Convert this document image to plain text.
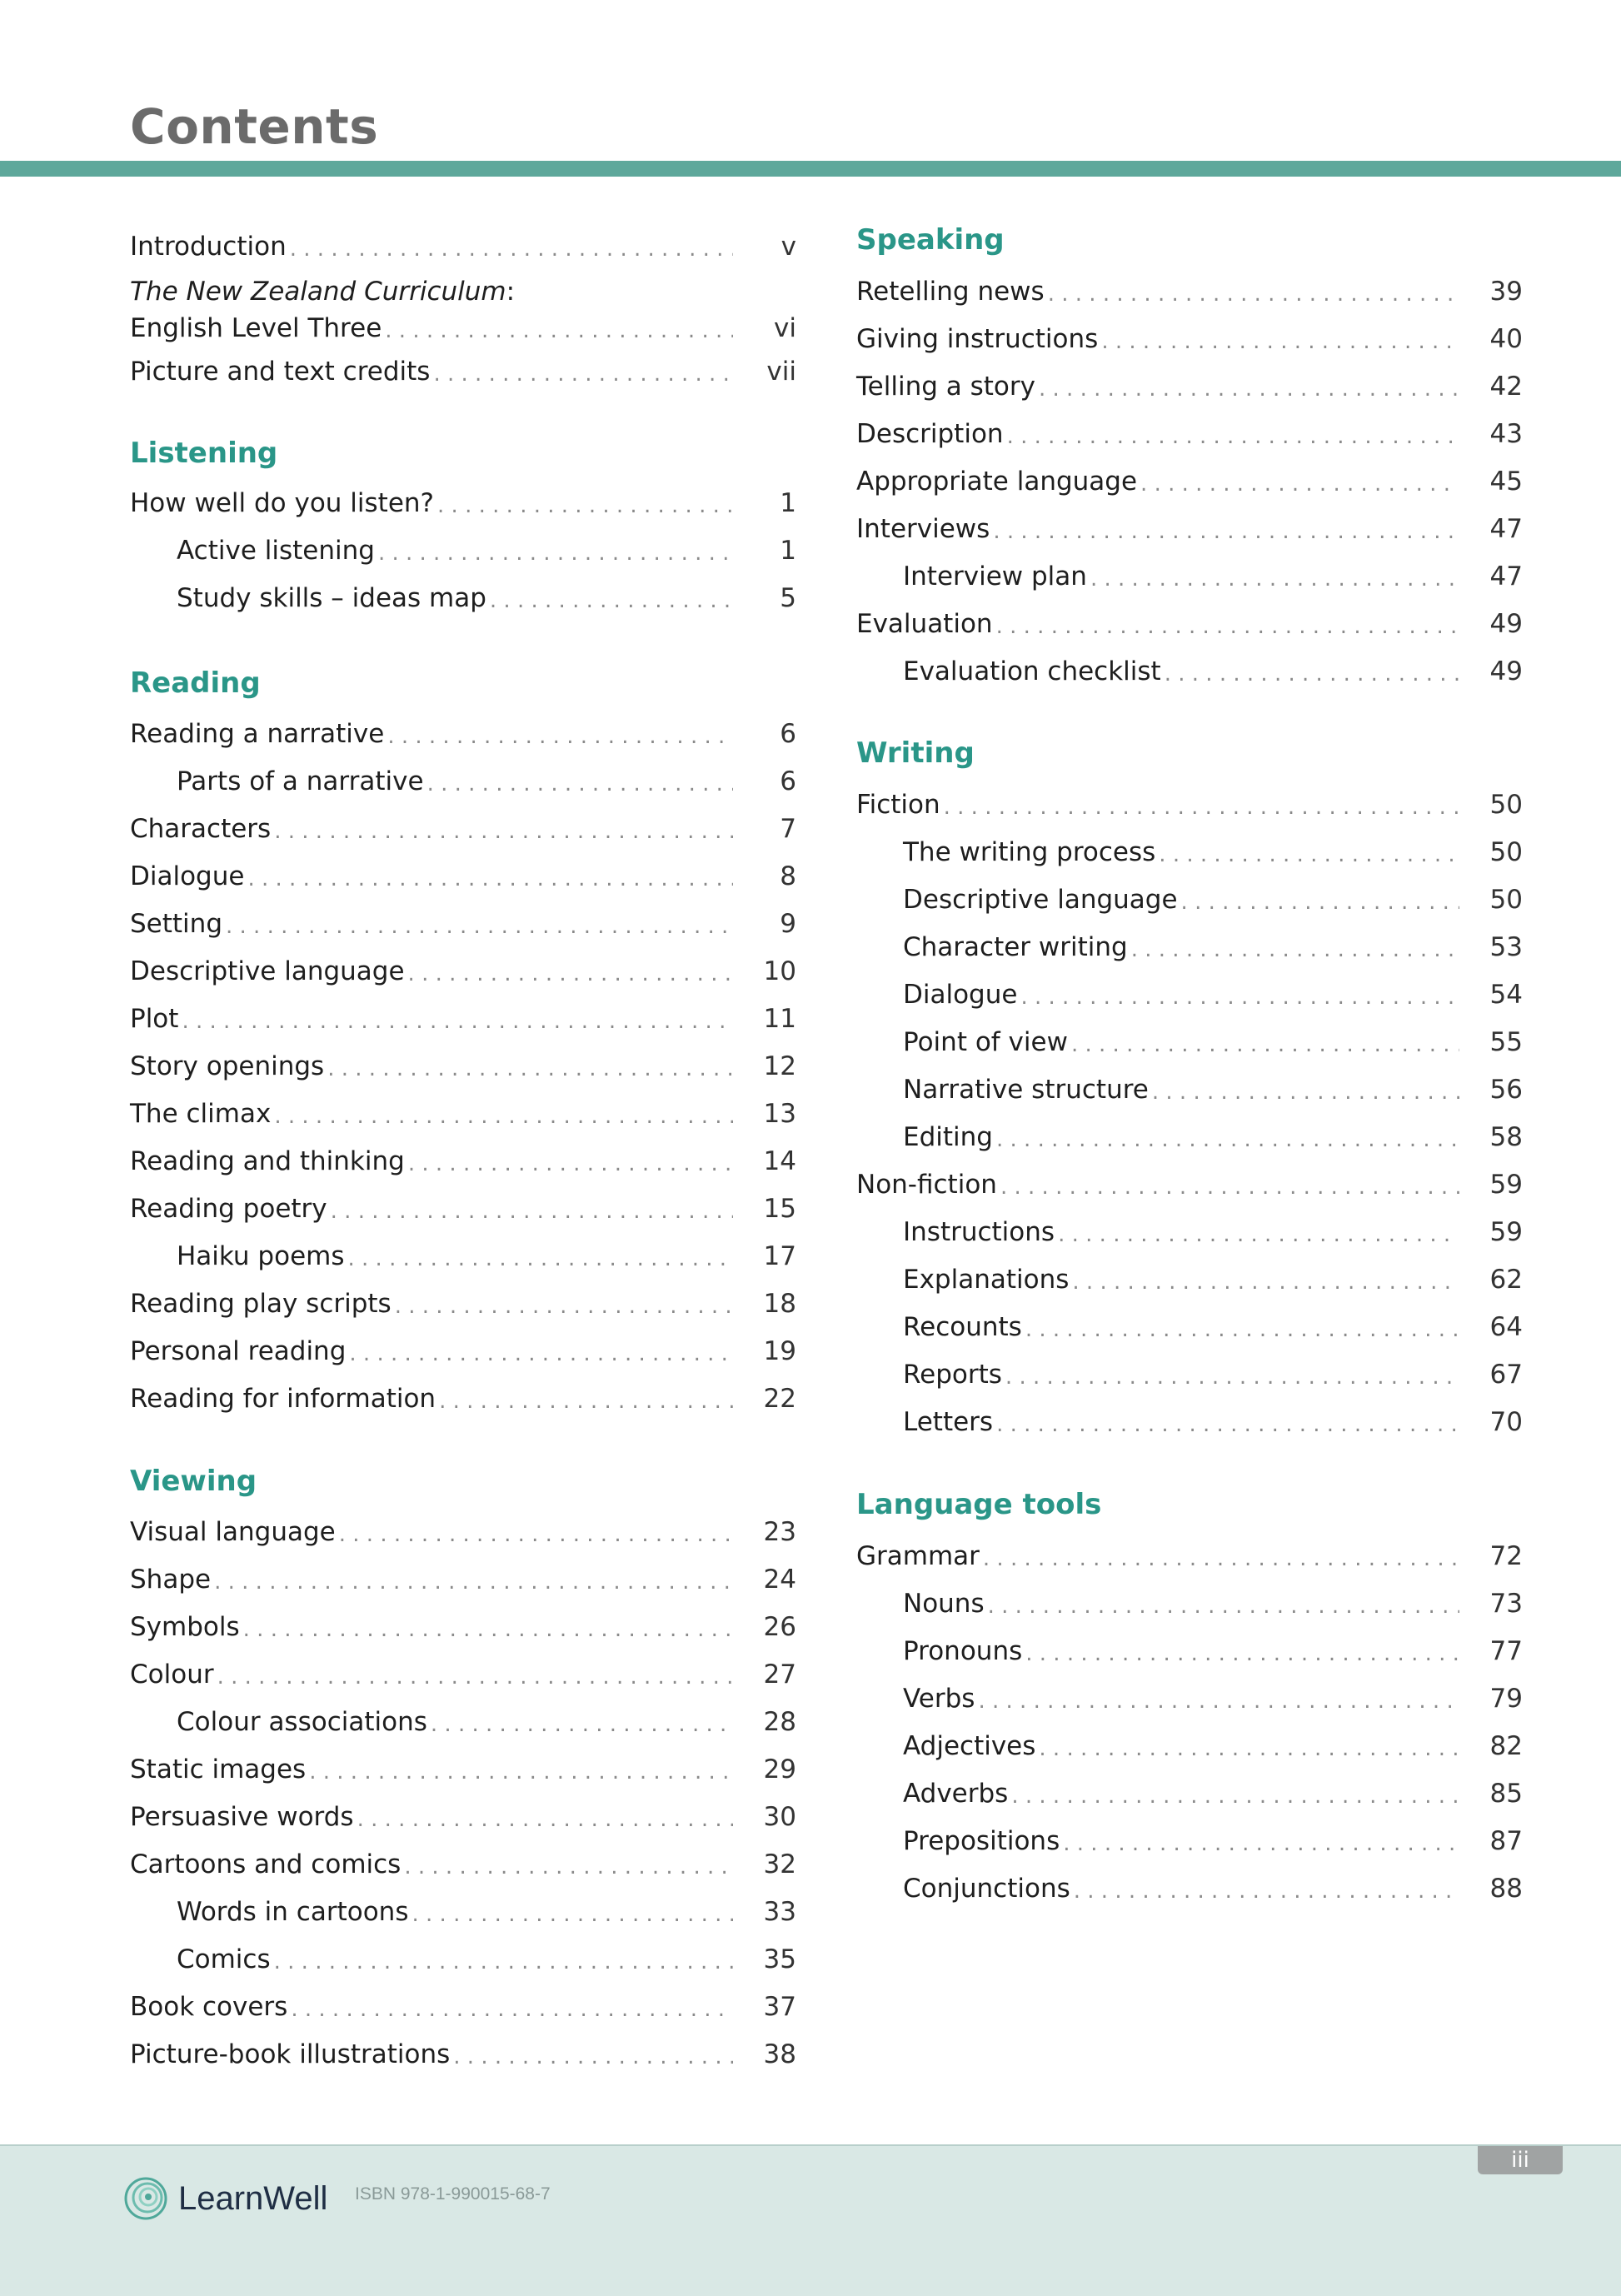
Contents
Introduction . . .	v
The New Zealand Curriculum:
English Level Three . . .	vi
Picture and text credits . . .	vii
Listening
How well do you listen? . . .	1
Active listening . . .	1
Study skills – ideas map . . .	5
Reading
Reading a narrative . . .	6
Parts of a narrative . . .	6
Characters . . .	7
Dialogue . . .	8
Setting . . .	9
Descriptive language . . .	10
Plot . . .	11
Story openings . . .	12
The climax . . .	13
Reading and thinking . . .	14
Reading poetry . . .	15
Haiku poems . . .	17
Reading play scripts . . .	18
Personal reading . . .	19
Reading for information . . .	22
Viewing
Visual language . . .	23
Shape . . .	24
Symbols . . .	26
Colour . . .	27
Colour associations . . .	28
Static images . . .	29
Persuasive words . . .	30
Cartoons and comics . . .	32
Words in cartoons . . .	33
Comics . . .	35
Book covers . . .	37
Picture-book illustrations . . .	38
Speaking
Retelling news . . .	39
Giving instructions . . .	40
Telling a story . . .	42
Description . . .	43
Appropriate language . . .	45
Interviews . . .	47
Interview plan . . .	47
Evaluation . . .	49
Evaluation checklist . . .	49
Writing
Fiction . . .	50
The writing process . . .	50
Descriptive language . . .	50
Character writing . . .	53
Dialogue . . .	54
Point of view . . .	55
Narrative structure . . .	56
Editing . . .	58
Non-fiction . . .	59
Instructions . . .	59
Explanations . . .	62
Recounts . . .	64
Reports . . .	67
Letters . . .	70
Language tools
Grammar . . .	72
Nouns . . .	73
Pronouns . . .	77
Verbs . . .	79
Adjectives . . .	82
Adverbs . . .	85
Prepositions . . .	87
Conjunctions . . .	88
LearnWell ISBN 978-1-990015-68-7
iii
